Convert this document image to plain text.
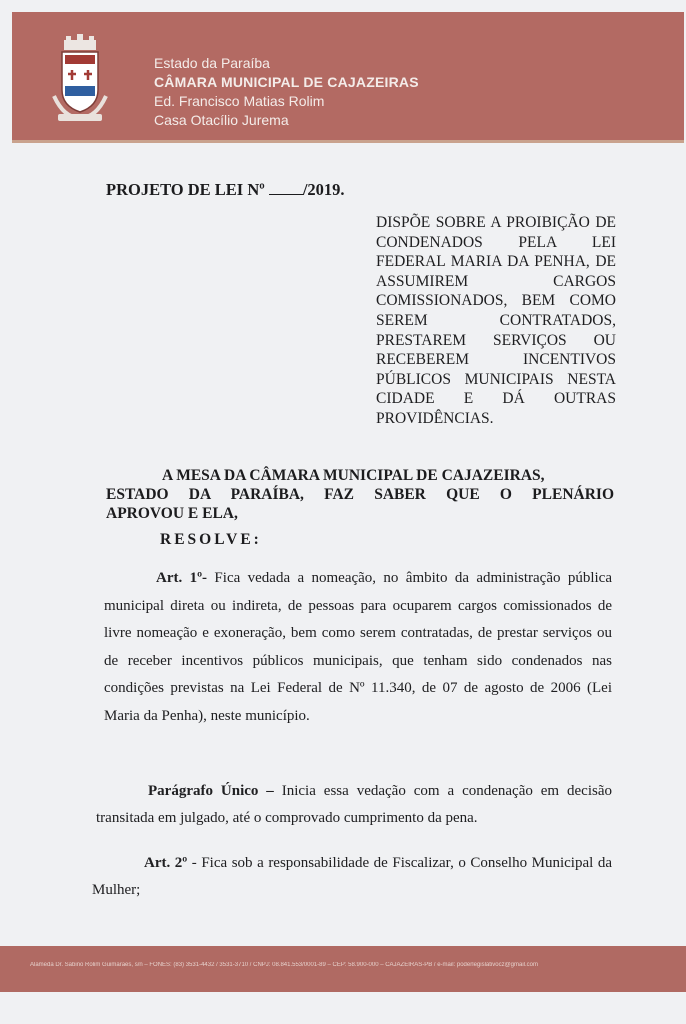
Estado da Paraíba
CÂMARA MUNICIPAL DE CAJAZEIRAS
Ed. Francisco Matias Rolim
Casa Otacílio Jurema
PROJETO DE LEI Nº /2019.
DISPÕE SOBRE A PROIBIÇÃO DE CONDENADOS PELA LEI FEDERAL MARIA DA PENHA, DE ASSUMIREM CARGOS COMISSIONADOS, BEM COMO SEREM CONTRATADOS, PRESTAREM SERVIÇOS OU RECEBEREM INCENTIVOS PÚBLICOS MUNICIPAIS NESTA CIDADE E DÁ OUTRAS PROVIDÊNCIAS.
A MESA DA CÂMARA MUNICIPAL DE CAJAZEIRAS,
ESTADO DA PARAÍBA, FAZ SABER QUE O PLENÁRIO
APROVOU E ELA,
RESOLVE:

Art. 1º- Fica vedada a nomeação, no âmbito da administração pública municipal direta ou indireta, de pessoas para ocuparem cargos comissionados de livre nomeação e exoneração, bem como serem contratadas, de prestar serviços ou de receber incentivos públicos municipais, que tenham sido condenados nas condições previstas na Lei Federal de Nº 11.340, de 07 de agosto de 2006 (Lei Maria da Penha), neste município.

Parágrafo Único – Inicia essa vedação com a condenação em decisão transitada em julgado, até o comprovado cumprimento da pena.

Art. 2º - Fica sob a responsabilidade de Fiscalizar, o Conselho Municipal da Mulher;

Alameda Dr. Sabino Rolim Guimarães, s/n – FONES: (83) 3531-4432 / 3531-3710 / CNPJ: 08.841.553/0001-89 – CEP: 58.900-000 – CAJAZEIRAS-PB / e-mail: poderlegislativocz@gmail.com
